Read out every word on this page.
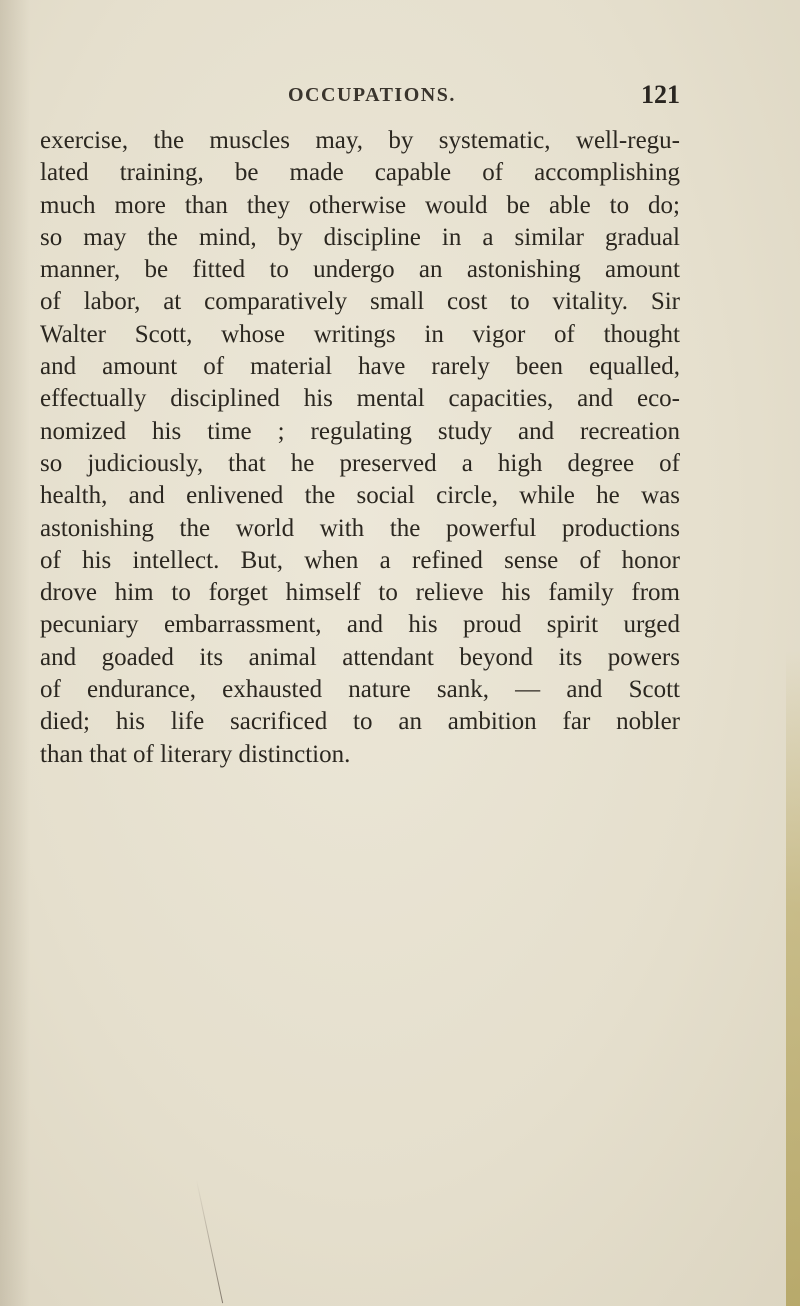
OCCUPATIONS.	121
exercise, the muscles may, by systematic, well-regu-
lated training, be made capable of accomplishing
much more than they otherwise would be able to do;
so may the mind, by discipline in a similar gradual
manner, be fitted to undergo an astonishing amount
of labor, at comparatively small cost to vitality. Sir
Walter Scott, whose writings in vigor of thought
and amount of material have rarely been equalled,
effectually disciplined his mental capacities, and eco-
nomized his time ; regulating study and recreation
so judiciously, that he preserved a high degree of
health, and enlivened the social circle, while he was
astonishing the world with the powerful productions
of his intellect. But, when a refined sense of honor
drove him to forget himself to relieve his family from
pecuniary embarrassment, and his proud spirit urged
and goaded its animal attendant beyond its powers
of endurance, exhausted nature sank, — and Scott
died; his life sacrificed to an ambition far nobler
than that of literary distinction.
